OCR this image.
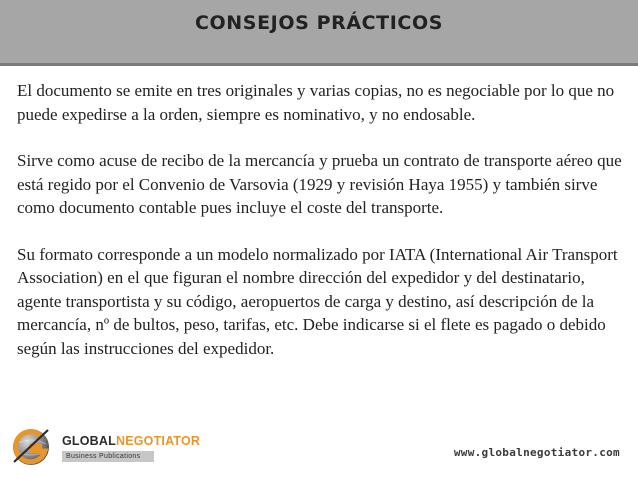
CONSEJOS PRÁCTICOS

El documento se emite en tres originales y varias copias, no es negociable por lo que no puede expedirse a la orden, siempre es nominativo, y no endosable.

Sirve como acuse de recibo de la mercancía y prueba un contrato de transporte aéreo que está regido por el Convenio de Varsovia (1929 y revisión Haya 1955) y también sirve como documento contable pues incluye el coste del transporte.

Su formato corresponde a un modelo normalizado por IATA (International Air Transport Association) en el que figuran el nombre dirección del expedidor y del destinatario, agente transportista y su código, aeropuertos de carga y destino, así descripción de la mercancía, nº de bultos, peso, tarifas, etc. Debe indicarse si el flete es pagado o debido según las instrucciones del expedidor.

GLOBALNEGOTIATOR
Business Publications	www.globalnegotiator.com
